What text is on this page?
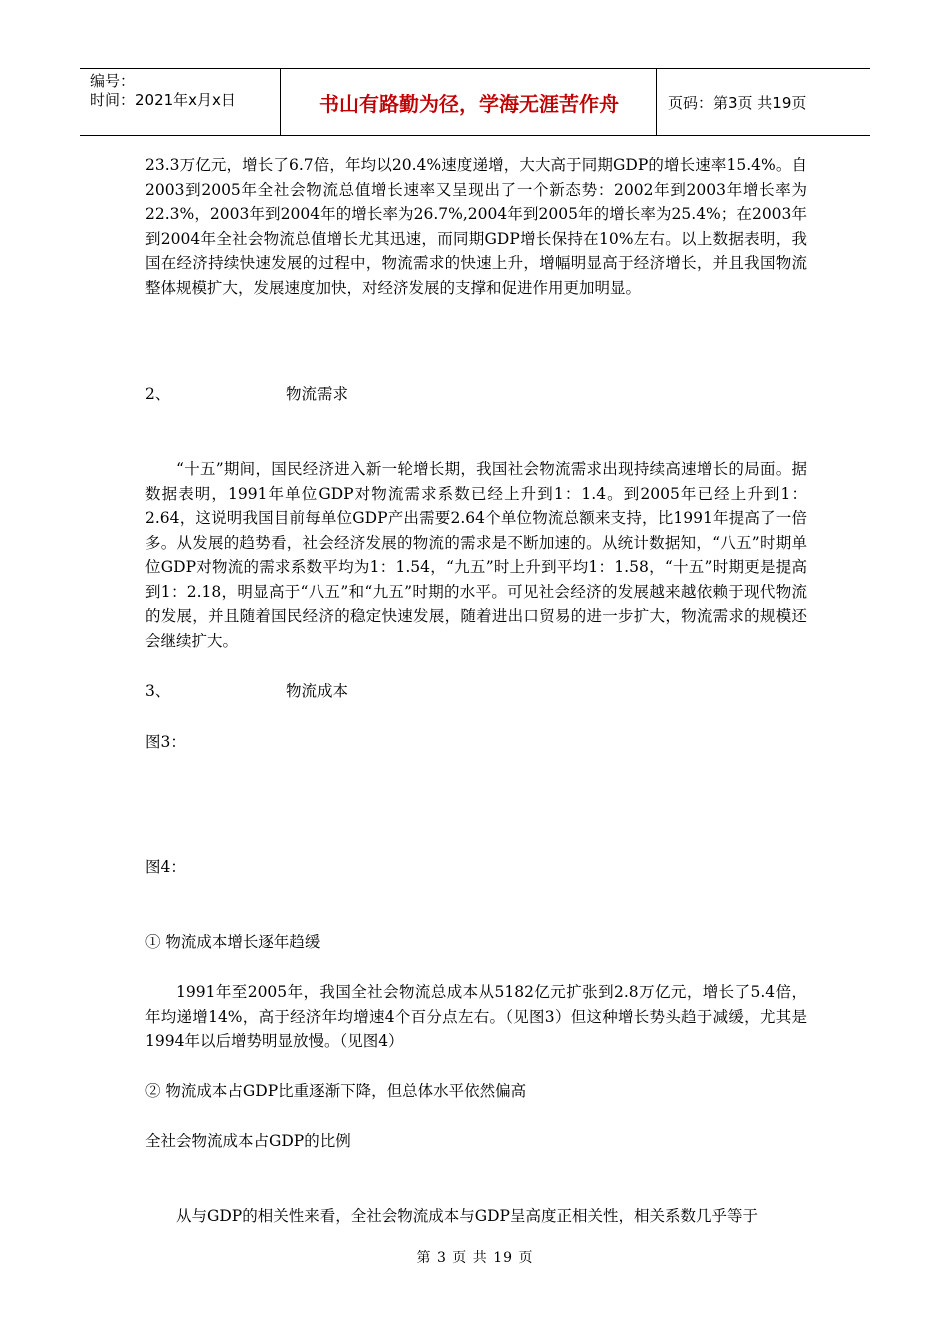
编号：
时间：2021年x月x日	书山有路勤为径，学海无涯苦作舟	页码：第3页 共19页
23.3万亿元，增长了6.7倍，年均以20.4%速度递增，大大高于同期GDP的增长速率15.4%。自2003到2005年全社会物流总值增长速率又呈现出了一个新态势：2002年到2003年增长率为22.3%，2003年到2004年的增长率为26.7%,2004年到2005年的增长率为25.4%；在2003年到2004年全社会物流总值增长尤其迅速，而同期GDP增长保持在10%左右。以上数据表明，我国在经济持续快速发展的过程中，物流需求的快速上升，增幅明显高于经济增长，并且我国物流整体规模扩大，发展速度加快，对经济发展的支撑和促进作用更加明显。
2、	物流需求
“十五”期间，国民经济进入新一轮增长期，我国社会物流需求出现持续高速增长的局面。据数据表明，1991年单位GDP对物流需求系数已经上升到1：1.4。到2005年已经上升到1：2.64，这说明我国目前每单位GDP产出需要2.64个单位物流总额来支持，比1991年提高了一倍多。从发展的趋势看，社会经济发展的物流的需求是不断加速的。从统计数据知，“八五”时期单位GDP对物流的需求系数平均为1：1.54，“九五”时上升到平均1：1.58，“十五”时期更是提高到1：2.18，明显高于“八五”和“九五”时期的水平。可见社会经济的发展越来越依赖于现代物流的发展，并且随着国民经济的稳定快速发展，随着进出口贸易的进一步扩大，物流需求的规模还会继续扩大。
3、	物流成本
图3：
图4：
① 物流成本增长逐年趋缓
1991年至2005年，我国全社会物流总成本从5182亿元扩张到2.8万亿元，增长了5.4倍，年均递增14%，高于经济年均增速4个百分点左右。（见图3）但这种增长势头趋于减缓，尤其是1994年以后增势明显放慢。（见图4）
② 物流成本占GDP比重逐渐下降，但总体水平依然偏高
全社会物流成本占GDP的比例
从与GDP的相关性来看，全社会物流成本与GDP呈高度正相关性，相关系数几乎等于
第 3 页 共 19 页
